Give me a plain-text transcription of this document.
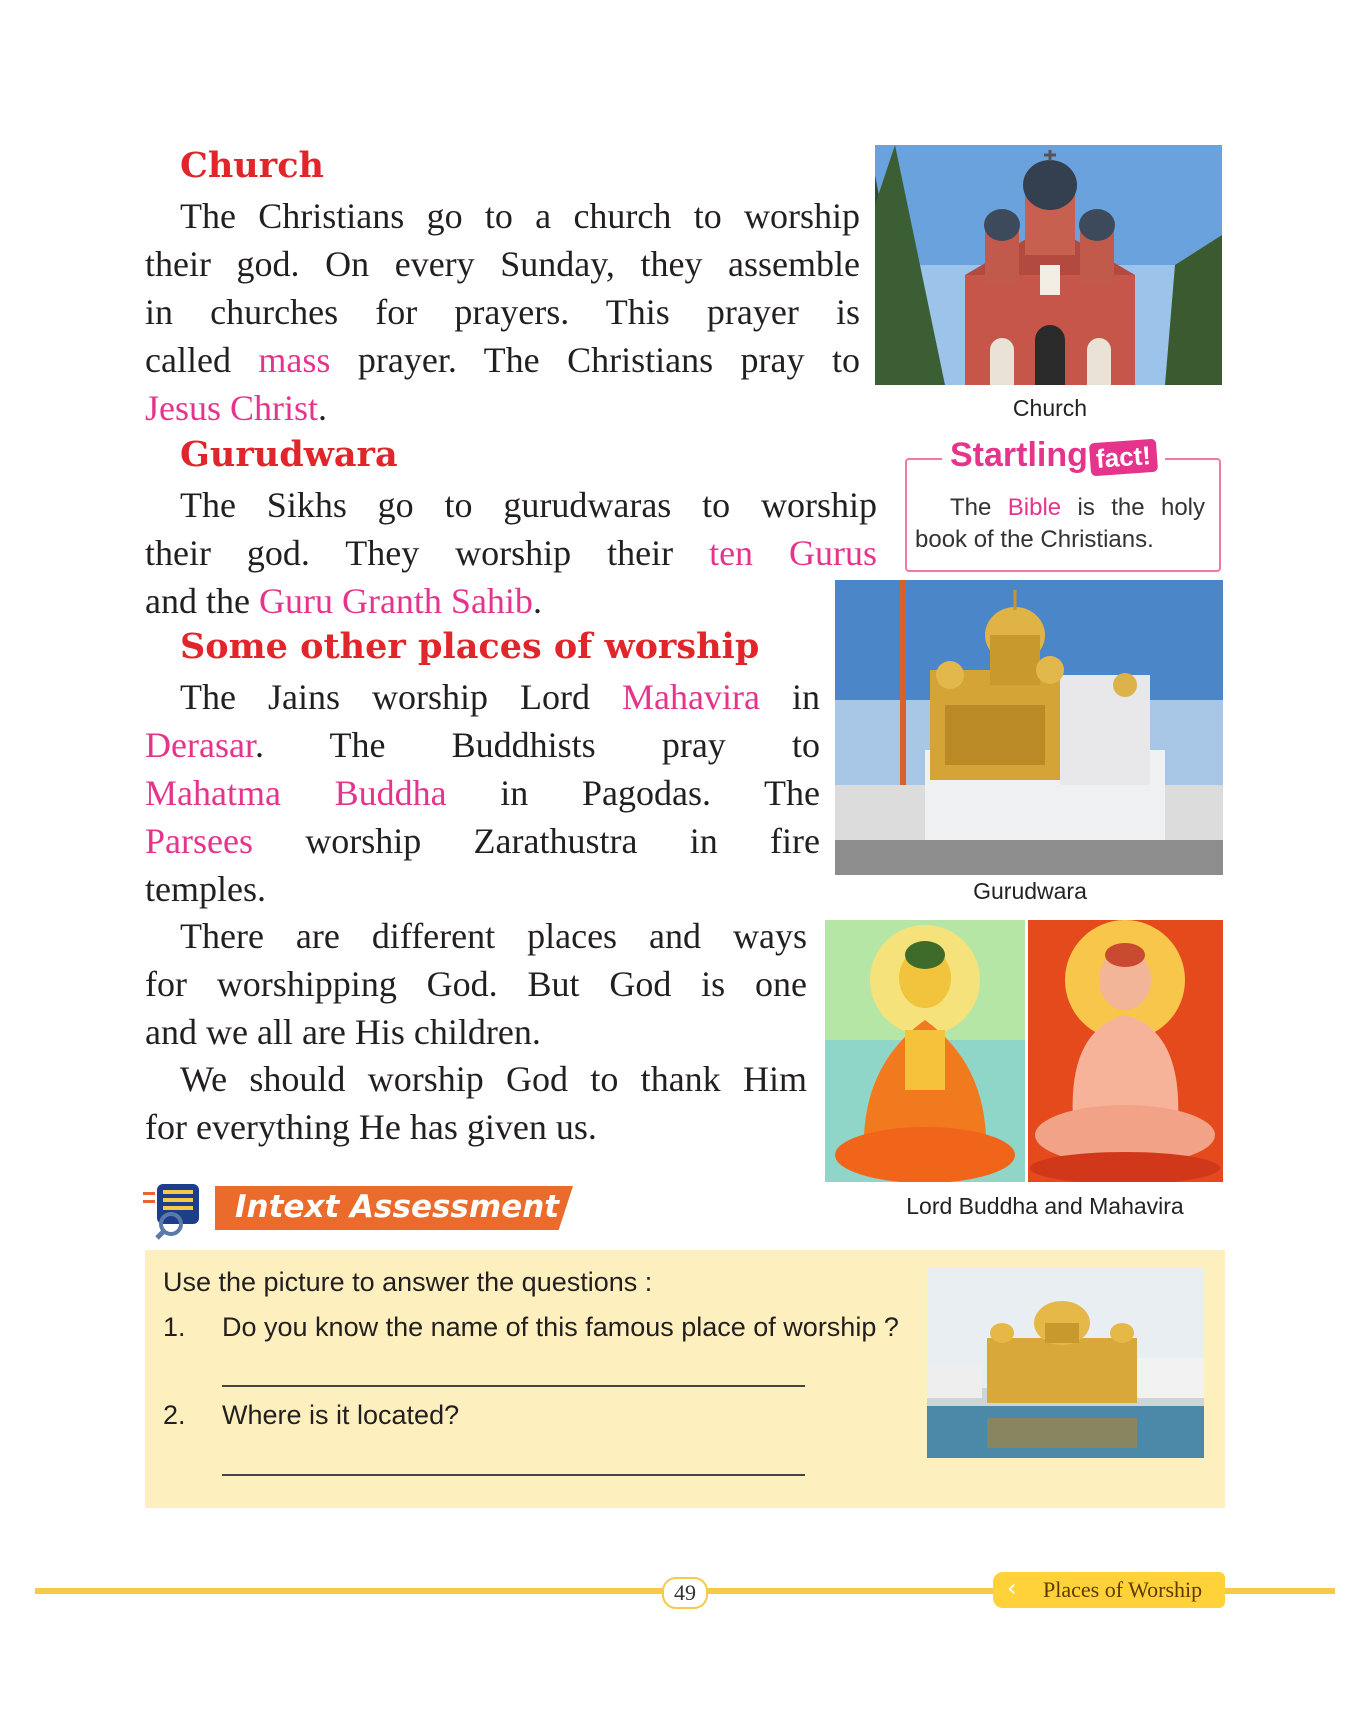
Church
The Christians go to a church to worship
their god. On every Sunday, they assemble
in churches for prayers. This prayer is
called mass prayer. The Christians pray to
Jesus Christ.	Church
Startling fact!
The Bible is the holy book of the Christians.
Gurudwara
The Sikhs go to gurudwaras to worship
their god. They worship their ten Gurus
and the Guru Granth Sahib.
Gurudwara
Some other places of worship
The Jains worship Lord Mahavira in
Derasar. The Buddhists pray to
Mahatma Buddha in Pagodas. The
Parsees worship Zarathustra in fire
temples.
There are different places and ways
for worshipping God. But God is one
and we all are His children.
We should worship God to thank Him
for everything He has given us.
Lord Buddha and Mahavira
Intext Assessment
Use the picture to answer the questions :
1. Do you know the name of this famous place of worship ?
2. Where is it located?
49	‹ Places of Worship
